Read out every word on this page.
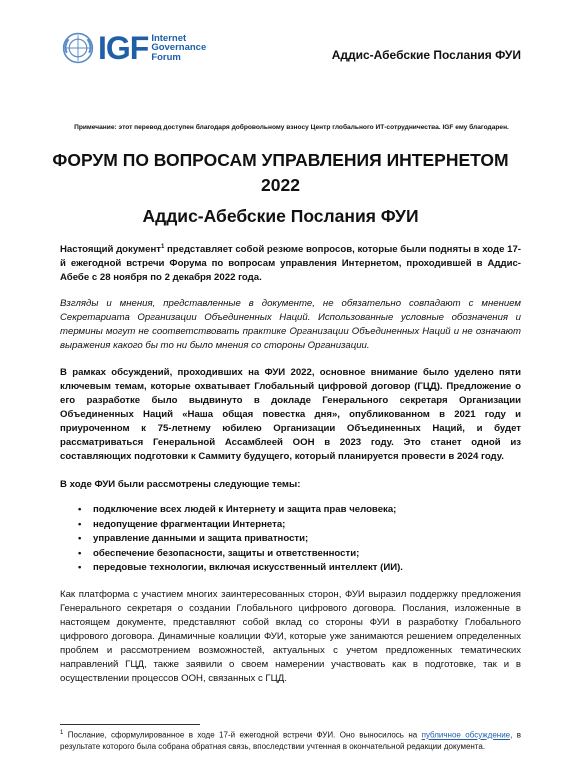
IGF Internet
Governance
Forum	Аддис-Абебские Послания ФУИ
Примечание: этот перевод доступен благодаря добровольному взносу Центр глобального ИТ-сотрудничества. IGF ему благодарен.
ФОРУМ ПО ВОПРОСАМ УПРАВЛЕНИЯ ИНТЕРНЕТОМ 2022
Аддис-Абебские Послания ФУИ
Настоящий документ$^1$ представляет собой резюме вопросов, которые были подняты в ходе 17-й ежегодной встречи Форума по вопросам управления Интернетом, проходившей в Аддис-Абебе с 28 ноября по 2 декабря 2022 года.
Взгляды и мнения, представленные в документе, не обязательно совпадают с мнением Секретариата Организации Объединенных Наций. Использованные условные обозначения и термины могут не соответствовать практике Организации Объединенных Наций и не означают выражения какого бы то ни было мнения со стороны Организации.
В рамках обсуждений, проходивших на ФУИ 2022, основное внимание было уделено пяти ключевым темам, которые охватывает Глобальный цифровой договор (ГЦД). Предложение о его разработке было выдвинуто в докладе Генерального секретаря Организации Объединенных Наций «Наша общая повестка дня», опубликованном в 2021 году и приуроченном к 75-летнему юбилею Организации Объединенных Наций, и будет рассматриваться Генеральной Ассамблеей ООН в 2023 году. Это станет одной из составляющих подготовки к Саммиту будущего, который планируется провести в 2024 году.
В ходе ФУИ были рассмотрены следующие темы:
• подключение всех людей к Интернету и защита прав человека;
• недопущение фрагментации Интернета;
• управление данными и защита приватности;
• обеспечение безопасности, защиты и ответственности;
• передовые технологии, включая искусственный интеллект (ИИ).
Как платформа с участием многих заинтересованных сторон, ФУИ выразил поддержку предложения Генерального секретаря о создании Глобального цифрового договора. Послания, изложенные в настоящем документе, представляют собой вклад со стороны ФУИ в разработку Глобального цифрового договора. Динамичные коалиции ФУИ, которые уже занимаются решением определенных проблем и рассмотрением возможностей, актуальных с учетом предложенных тематических направлений ГЦД, также заявили о своем намерении участвовать как в подготовке, так и в осуществлении процессов ООН, связанных с ГЦД.
$^1$ Послание, сформулированное в ходе 17-й ежегодной встречи ФУИ. Оно выносилось на публичное обсуждение, в результате которого была собрана обратная связь, впоследствии учтенная в окончательной редакции документа.
